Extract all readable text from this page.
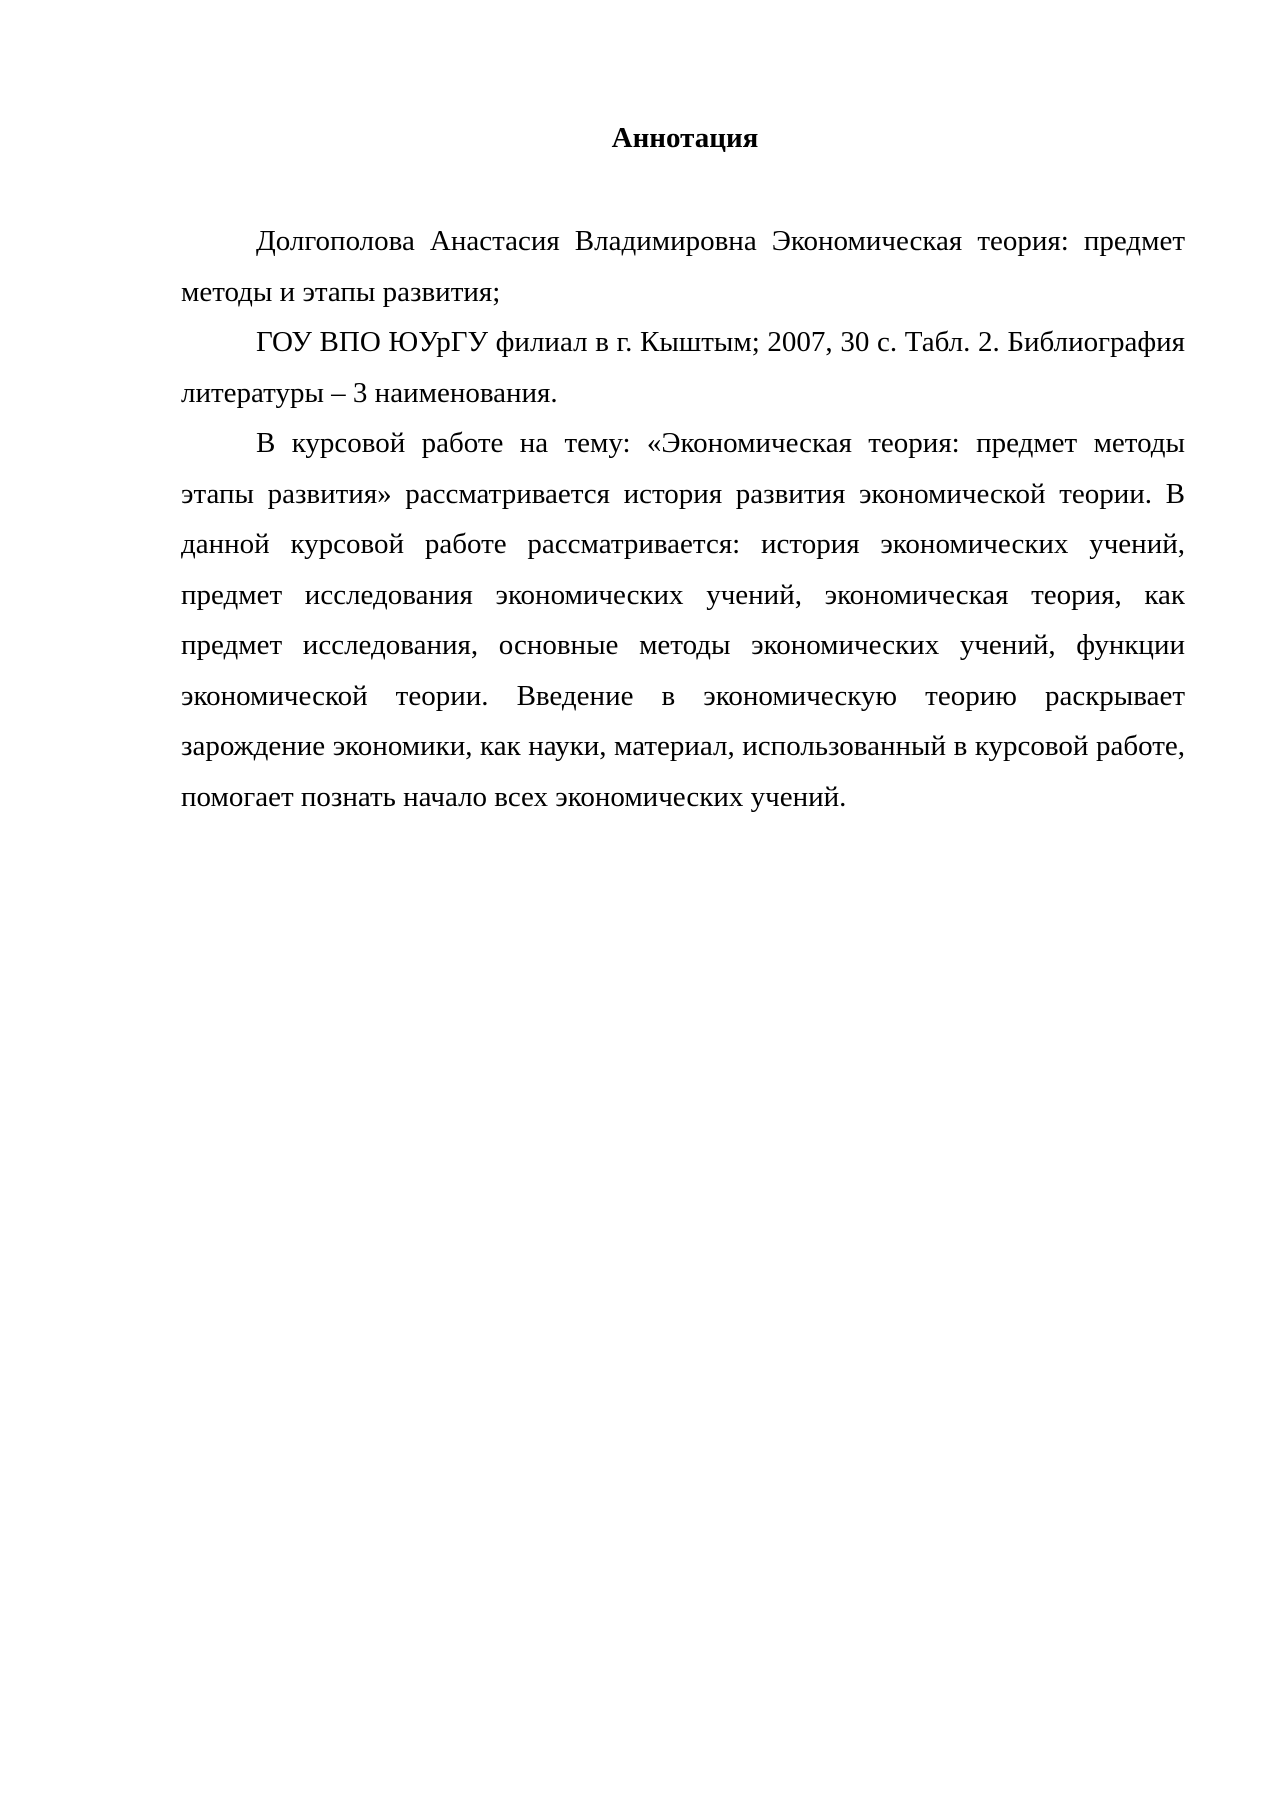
Аннотация

Долгополова Анастасия Владимировна Экономическая теория: предмет методы и этапы развития;

ГОУ ВПО ЮУрГУ филиал в г. Кыштым; 2007, 30 с. Табл. 2. Библиография литературы – 3 наименования.

В курсовой работе на тему: «Экономическая теория: предмет методы этапы развития» рассматривается история развития экономической теории. В данной курсовой работе рассматривается: история экономических учений, предмет исследования экономических учений, экономическая теория, как предмет исследования, основные методы экономических учений, функции экономической теории. Введение в экономическую теорию раскрывает зарождение экономики, как науки, материал, использованный в курсовой работе, помогает познать начало всех экономических учений.
